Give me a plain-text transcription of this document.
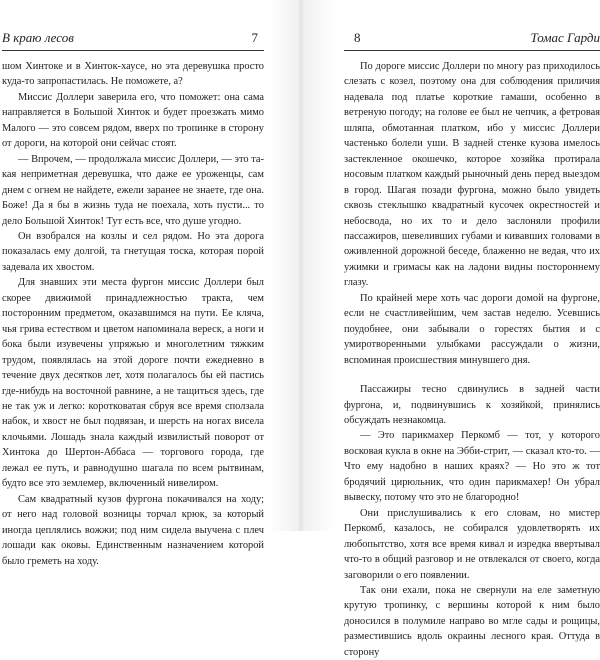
В краю лесов	7

шом Хинтоке и в Хинток-хаусе, но эта деревушка просто куда-то запропастилась. Не поможете, а?

Миссис Доллери заверила его, что поможет: она сама направляется в Большой Хинток и будет проезжать мимо Малого — это совсем рядом, вверх по тропинке в сторону от дороги, на которой они сейчас стоят.

— Впрочем, — продолжала миссис Доллери, — это та-кая неприметная деревушка, что даже ее уроженцы, сам днем с огнем не найдете, ежели заранее не знаете, где она. Боже! Да я бы в жизнь туда не поехала, хоть пусти... то дело Большой Хинток! Тут есть все, что душе угодно.

Он взобрался на козлы и сел рядом. Но эта дорога показалась ему долгой, та гнетущая тоска, которая порой задевала их хвостом.

Для знавших эти места фургон миссис Доллери был скорее движимой принадлежностью тракта, чем посторонним предметом, оказавшимся на пути. Ее кляча, чья грива естеством и цветом напоминала вереск, а ноги и бока были изувечены упряжью и многолетним тяжким трудом, появлялась на этой дороге почти ежедневно в течение двух десятков лет, хотя полагалось бы ей пастись где-нибудь на восточной равнине, а не тащиться здесь, где не так уж и легко: коротковатая сбруя все время сползала набок, и хвост не был подвязан, и шерсть на ногах висела клочьями. Лошадь знала каждый извилистый поворот от Хинтока до Шертон-Аббаса — торгового города, где лежал ее путь, и равнодушно шагала по всем рытвинам, будто все это землемер, включенный нивелиром.

Сам квадратный кузов фургона покачивался на ходу; от него над головой возницы торчал крюк, за который иногда цеплялись вожжи; под ним сидела выучена с плеч лошади как оковы. Единственным назначением которой было греметь на ходу.

8	Томас Гарди

По дороге миссис Доллери по многу раз приходилось слезать с козел, поэтому она для соблюдения приличия надевала под платье короткие гамаши, особенно в ветреную погоду; на голове ее был не чепчик, а фетровая шляпа, обмотанная платком, ибо у миссис Доллери частенько болели уши. В задней стенке кузова имелось застекленное окошечко, которое хозяйка протирала носовым платком каждый рыночный день перед выездом в город. Шагая позади фургона, можно было увидеть сквозь стеклышко квадратный кусочек окрестностей и небосвода, но их то и дело заслоняли профили пассажиров, шевеливших губами и кивавших головами в оживленной дорожной беседе, блаженно не ведая, что их ужимки и гримасы как на ладони видны постороннему глазу.

По крайней мере хоть час дороги домой на фургоне, если не счастливейшим, чем застав неделю. Усевшись поудобнее, они забывали о горестях бытия и с умиротворенными улыбками рассуждали о жизни, вспоминая происшествия минувшего дня.

Пассажиры тесно сдвинулись в задней части фургона, и, подвинувшись к хозяйкой, принялись обсуждать незнакомца.

— Это парикмахер Перкомб — тот, у которого восковая кукла в окне на Эбби-стрит, — сказал кто-то. — Что ему надобно в наших краях? — Но это ж тот бродячий цирюльник, что один парикмахер! Он убрал вывеску, потому что это не благородно!

Они прислушивались к его словам, но мистер Перкомб, казалось, не собирался удовлетворять их любопытство, хотя все время кивал и изредка ввертывал что-то в общий разговор и не отвлекался от своего, когда заговорили о его появлении.

Так они ехали, пока не свернули на еле заметную крутую тропинку, с вершины которой к ним было доносился в полумиле направо во мгле сады и рощицы, разместившись вдоль окраины лесного края. Оттуда в сторону
